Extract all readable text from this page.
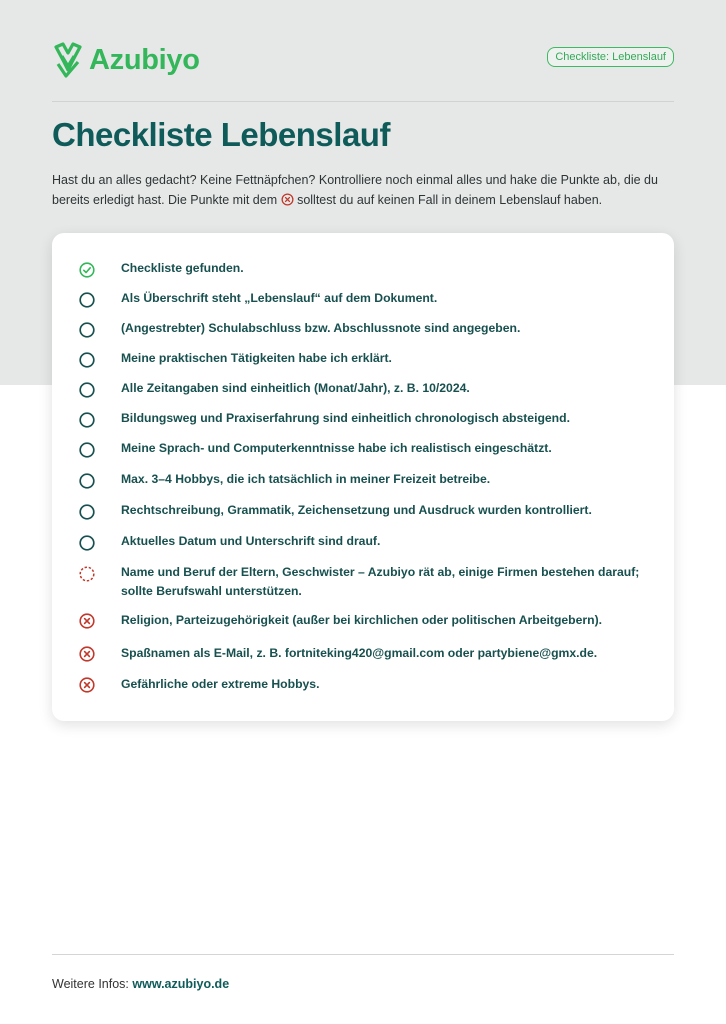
Azubiyo	Checkliste: Lebenslauf
Checkliste Lebenslauf

Hast du an alles gedacht? Keine Fettnäpfchen? Kontrolliere noch einmal alles und hake die Punkte ab, die du bereits erledigt hast. Die Punkte mit dem solltest du auf keinen Fall in deinem Lebenslauf haben.

Checkliste gefunden.
Als Überschrift steht „Lebenslauf“ auf dem Dokument.
(Angestrebter) Schulabschluss bzw. Abschlussnote sind angegeben.
Meine praktischen Tätigkeiten habe ich erklärt.
Alle Zeitangaben sind einheitlich (Monat/Jahr), z. B. 10/2024.
Bildungsweg und Praxiserfahrung sind einheitlich chronologisch absteigend.
Meine Sprach- und Computerkenntnisse habe ich realistisch eingeschätzt.
Max. 3–4 Hobbys, die ich tatsächlich in meiner Freizeit betreibe.
Rechtschreibung, Grammatik, Zeichensetzung und Ausdruck wurden kontrolliert.
Aktuelles Datum und Unterschrift sind drauf.
Name und Beruf der Eltern, Geschwister – Azubiyo rät ab, einige Firmen bestehen darauf; sollte Berufswahl unterstützen.
Religion, Parteizugehörigkeit (außer bei kirchlichen oder politischen Arbeitgebern).
Spaßnamen als E-Mail, z. B. fortniteking420@gmail.com oder partybiene@gmx.de.
Gefährliche oder extreme Hobbys.
Weitere Infos: www.azubiyo.de
